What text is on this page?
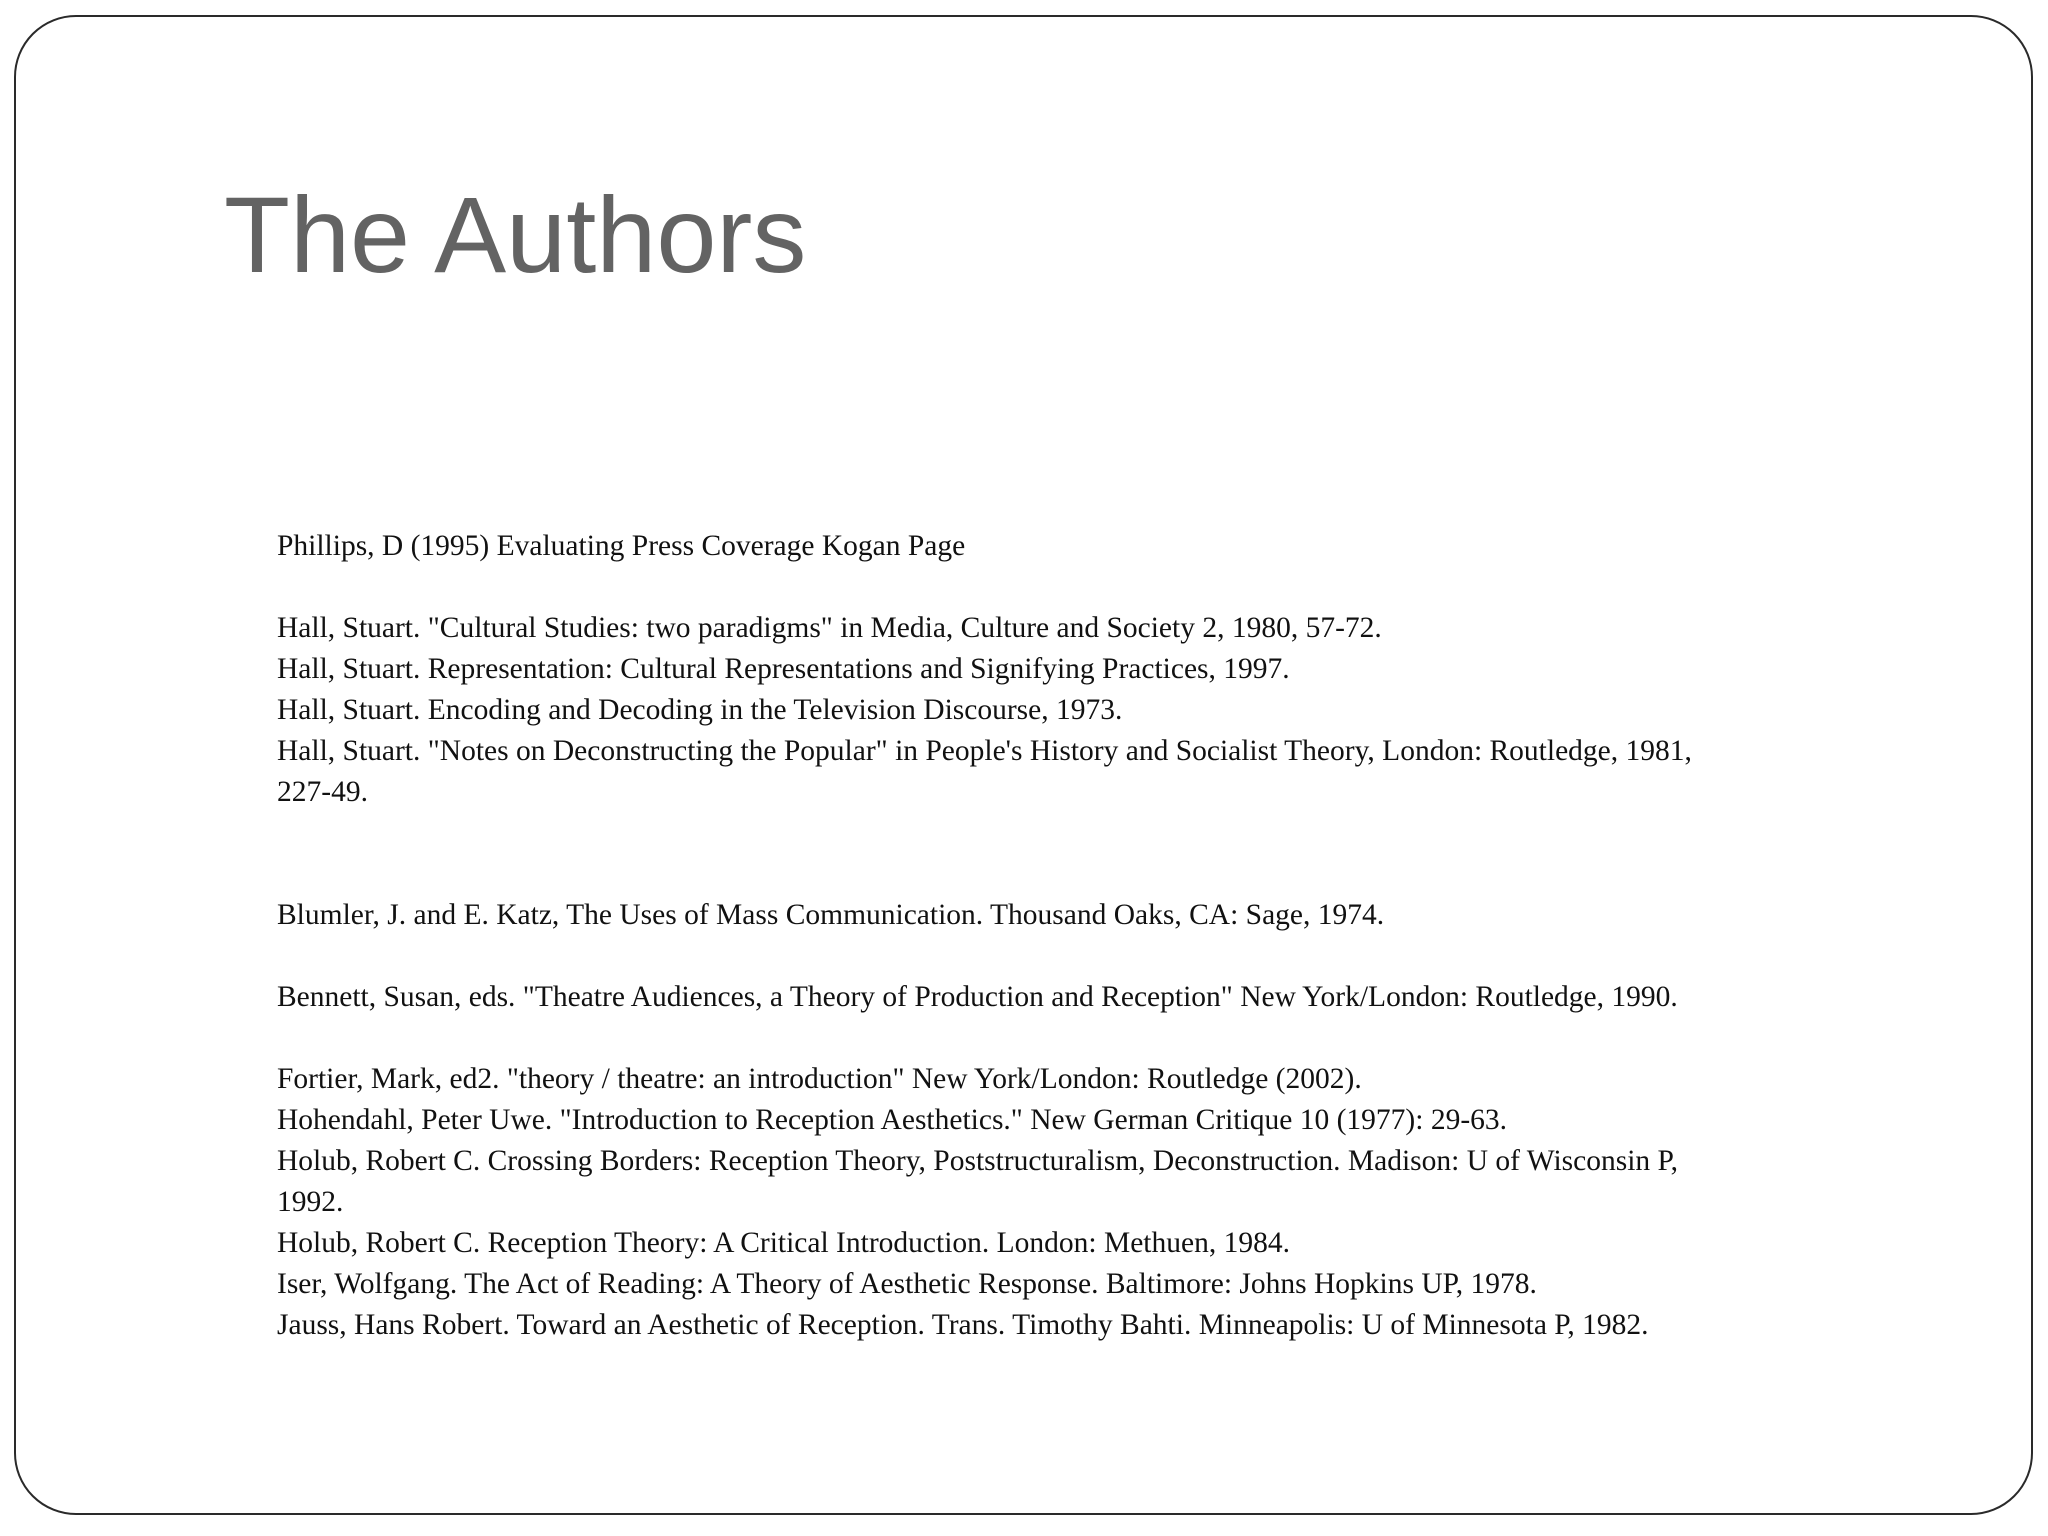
The Authors
Phillips, D (1995) Evaluating Press Coverage Kogan Page
Hall, Stuart. "Cultural Studies: two paradigms" in Media, Culture and Society 2, 1980, 57-72.
Hall, Stuart. Representation: Cultural Representations and Signifying Practices, 1997.
Hall, Stuart. Encoding and Decoding in the Television Discourse, 1973.
Hall, Stuart. "Notes on Deconstructing the Popular" in People's History and Socialist Theory, London: Routledge, 1981, 227-49.
Blumler, J. and E. Katz, The Uses of Mass Communication. Thousand Oaks, CA: Sage, 1974.
Bennett, Susan, eds. "Theatre Audiences, a Theory of Production and Reception" New York/London: Routledge, 1990.
Fortier, Mark, ed2. "theory / theatre: an introduction" New York/London: Routledge (2002).
Hohendahl, Peter Uwe. "Introduction to Reception Aesthetics." New German Critique 10 (1977): 29-63.
Holub, Robert C. Crossing Borders: Reception Theory, Poststructuralism, Deconstruction. Madison: U of Wisconsin P, 1992.
Holub, Robert C. Reception Theory: A Critical Introduction. London: Methuen, 1984.
Iser, Wolfgang. The Act of Reading: A Theory of Aesthetic Response. Baltimore: Johns Hopkins UP, 1978.
Jauss, Hans Robert. Toward an Aesthetic of Reception. Trans. Timothy Bahti. Minneapolis: U of Minnesota P, 1982.
